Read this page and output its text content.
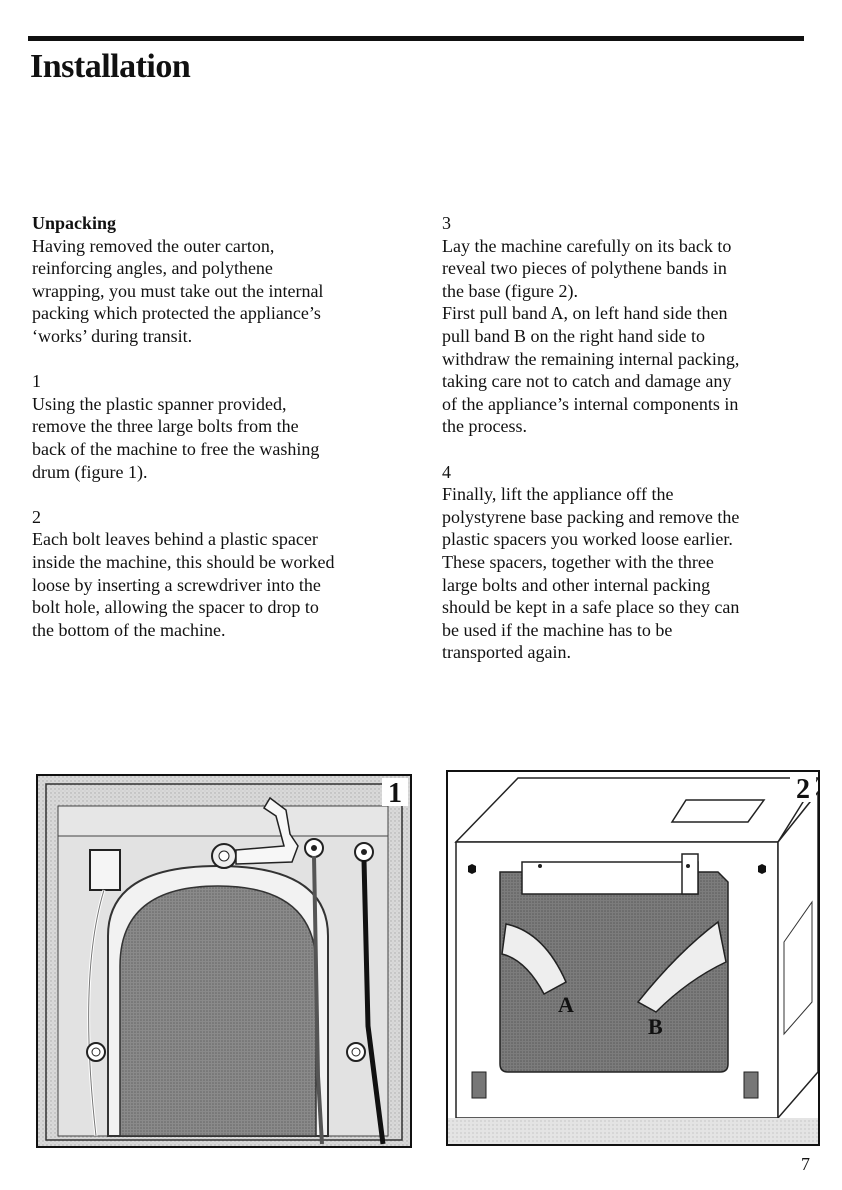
Installation
Unpacking

Having removed the outer carton,

reinforcing angles, and polythene

wrapping, you must take out the internal

packing which protected the appliance’s

‘works’ during transit.

1

Using the plastic spanner provided,

remove the three large bolts from the

back of the machine to free the washing

drum (figure 1).

2

Each bolt leaves behind a plastic spacer

inside the machine, this should be worked

loose by inserting a screwdriver into the

bolt hole, allowing the spacer to drop to

the bottom of the machine.

3

Lay the machine carefully on its back to

reveal two pieces of polythene bands in

the base (figure 2).

First pull band A, on left hand side then

pull band B on the right hand side to

withdraw the remaining internal packing,

taking care not to catch and damage any

of the appliance’s internal components in

the process.

4

Finally, lift the appliance off the

polystyrene base packing and remove the

plastic spacers you worked loose earlier.

These spacers, together with the three

large bolts and other internal packing

should be kept in a safe place so they can

be used if the machine has to be

transported again.

1
A
B
2
7
